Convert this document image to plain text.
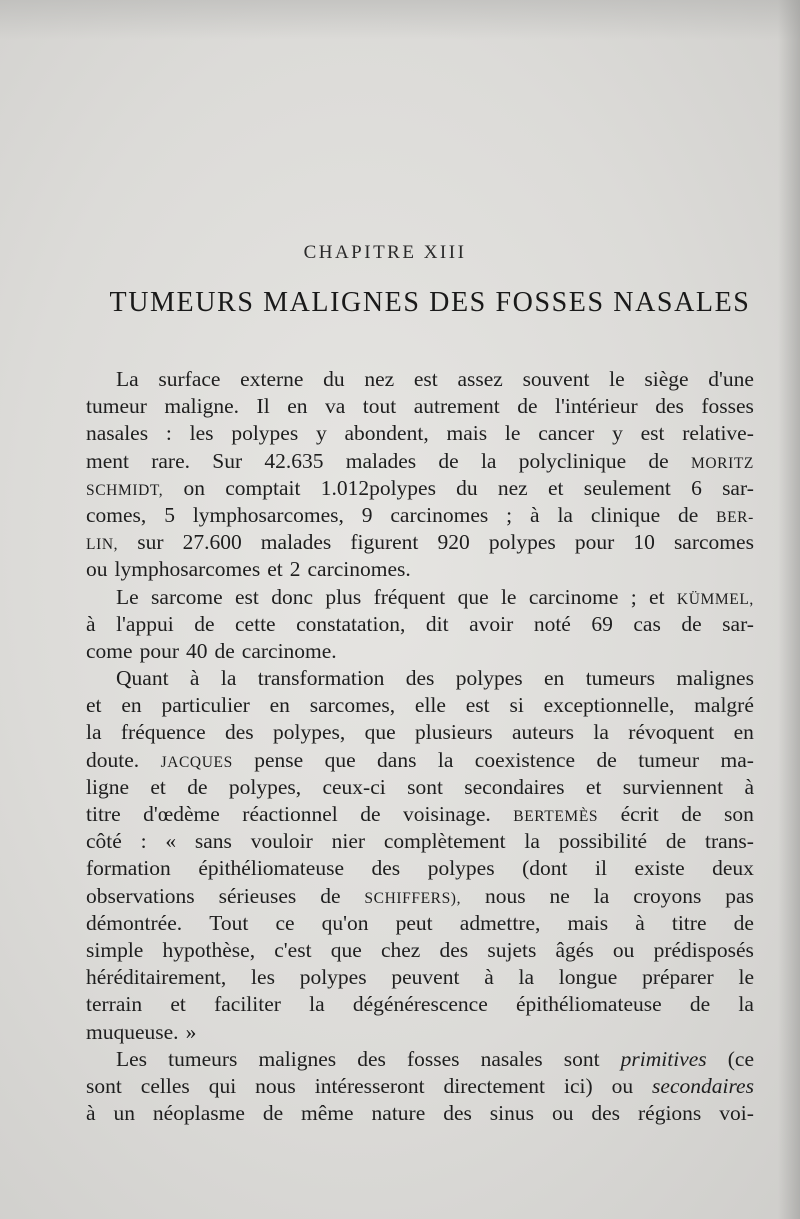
CHAPITRE XIII
TUMEURS MALIGNES DES FOSSES NASALES
La surface externe du nez est assez souvent le siège d'une
tumeur maligne. Il en va tout autrement de l'intérieur des fosses
nasales : les polypes y abondent, mais le cancer y est relative-
ment rare. Sur 42.635 malades de la polyclinique de MORITZ
SCHMIDT, on comptait 1.012polypes du nez et seulement 6 sar-
comes, 5 lymphosarcomes, 9 carcinomes ; à la clinique de BER-
LIN, sur 27.600 malades figurent 920 polypes pour 10 sarcomes
ou lymphosarcomes et 2 carcinomes.
Le sarcome est donc plus fréquent que le carcinome ; et KÜMMEL,
à l'appui de cette constatation, dit avoir noté 69 cas de sar-
come pour 40 de carcinome.
Quant à la transformation des polypes en tumeurs malignes
et en particulier en sarcomes, elle est si exceptionnelle, malgré
la fréquence des polypes, que plusieurs auteurs la révoquent en
doute. JACQUES pense que dans la coexistence de tumeur ma-
ligne et de polypes, ceux-ci sont secondaires et surviennent à
titre d'œdème réactionnel de voisinage. BERTEMÈS écrit de son
côté : « sans vouloir nier complètement la possibilité de trans-
formation épithéliomateuse des polypes (dont il existe deux
observations sérieuses de SCHIFFERS), nous ne la croyons pas
démontrée. Tout ce qu'on peut admettre, mais à titre de
simple hypothèse, c'est que chez des sujets âgés ou prédisposés
héréditairement, les polypes peuvent à la longue préparer le
terrain et faciliter la dégénérescence épithéliomateuse de la
muqueuse. »
Les tumeurs malignes des fosses nasales sont primitives (ce
sont celles qui nous intéresseront directement ici) ou secondaires
à un néoplasme de même nature des sinus ou des régions voi-
